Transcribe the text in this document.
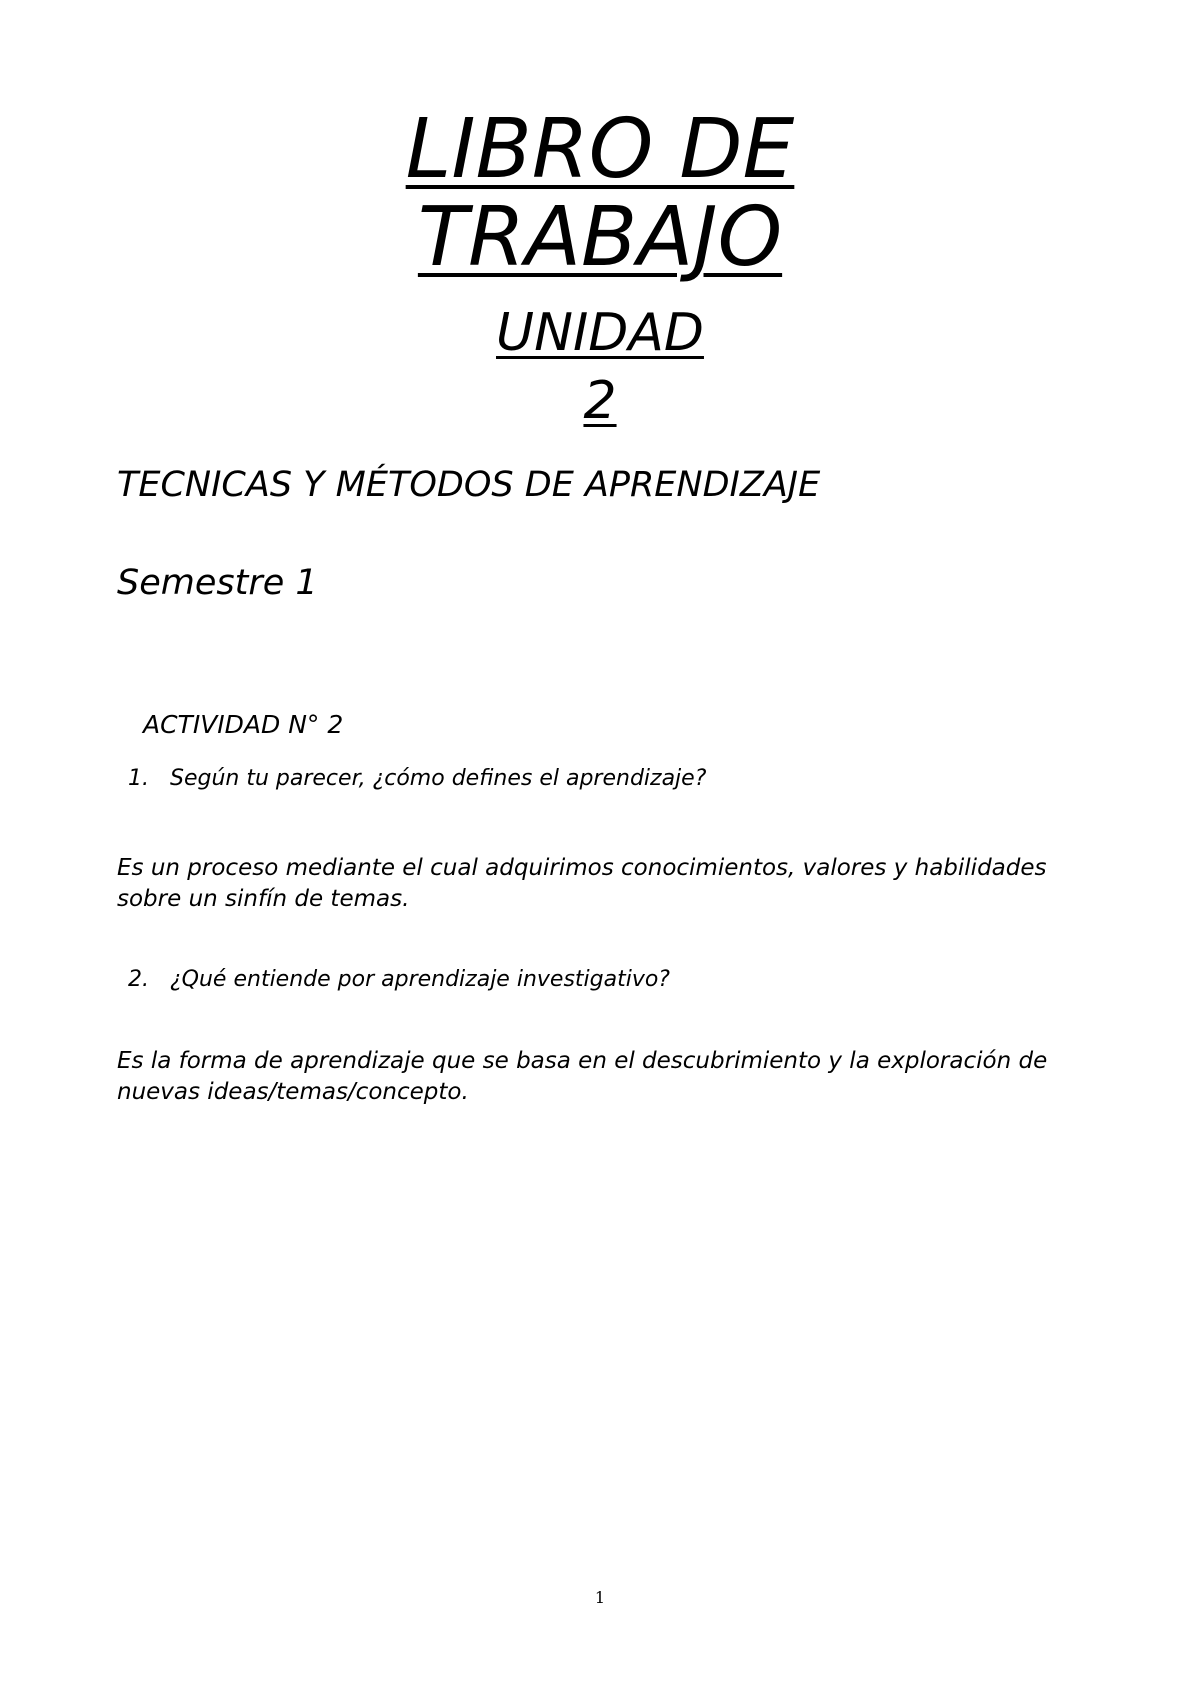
LIBRO DE
TRABAJO
UNIDAD
2
TECNICAS Y MÉTODOS DE APRENDIZAJE
Semestre 1
ACTIVIDAD N° 2
1. Según tu parecer, ¿cómo defines el aprendizaje?
Es un proceso mediante el cual adquirimos conocimientos, valores y habilidades sobre un sinfín de temas.
2. ¿Qué entiende por aprendizaje investigativo?
Es la forma de aprendizaje que se basa en el descubrimiento y la exploración de nuevas ideas/temas/concepto.
1
